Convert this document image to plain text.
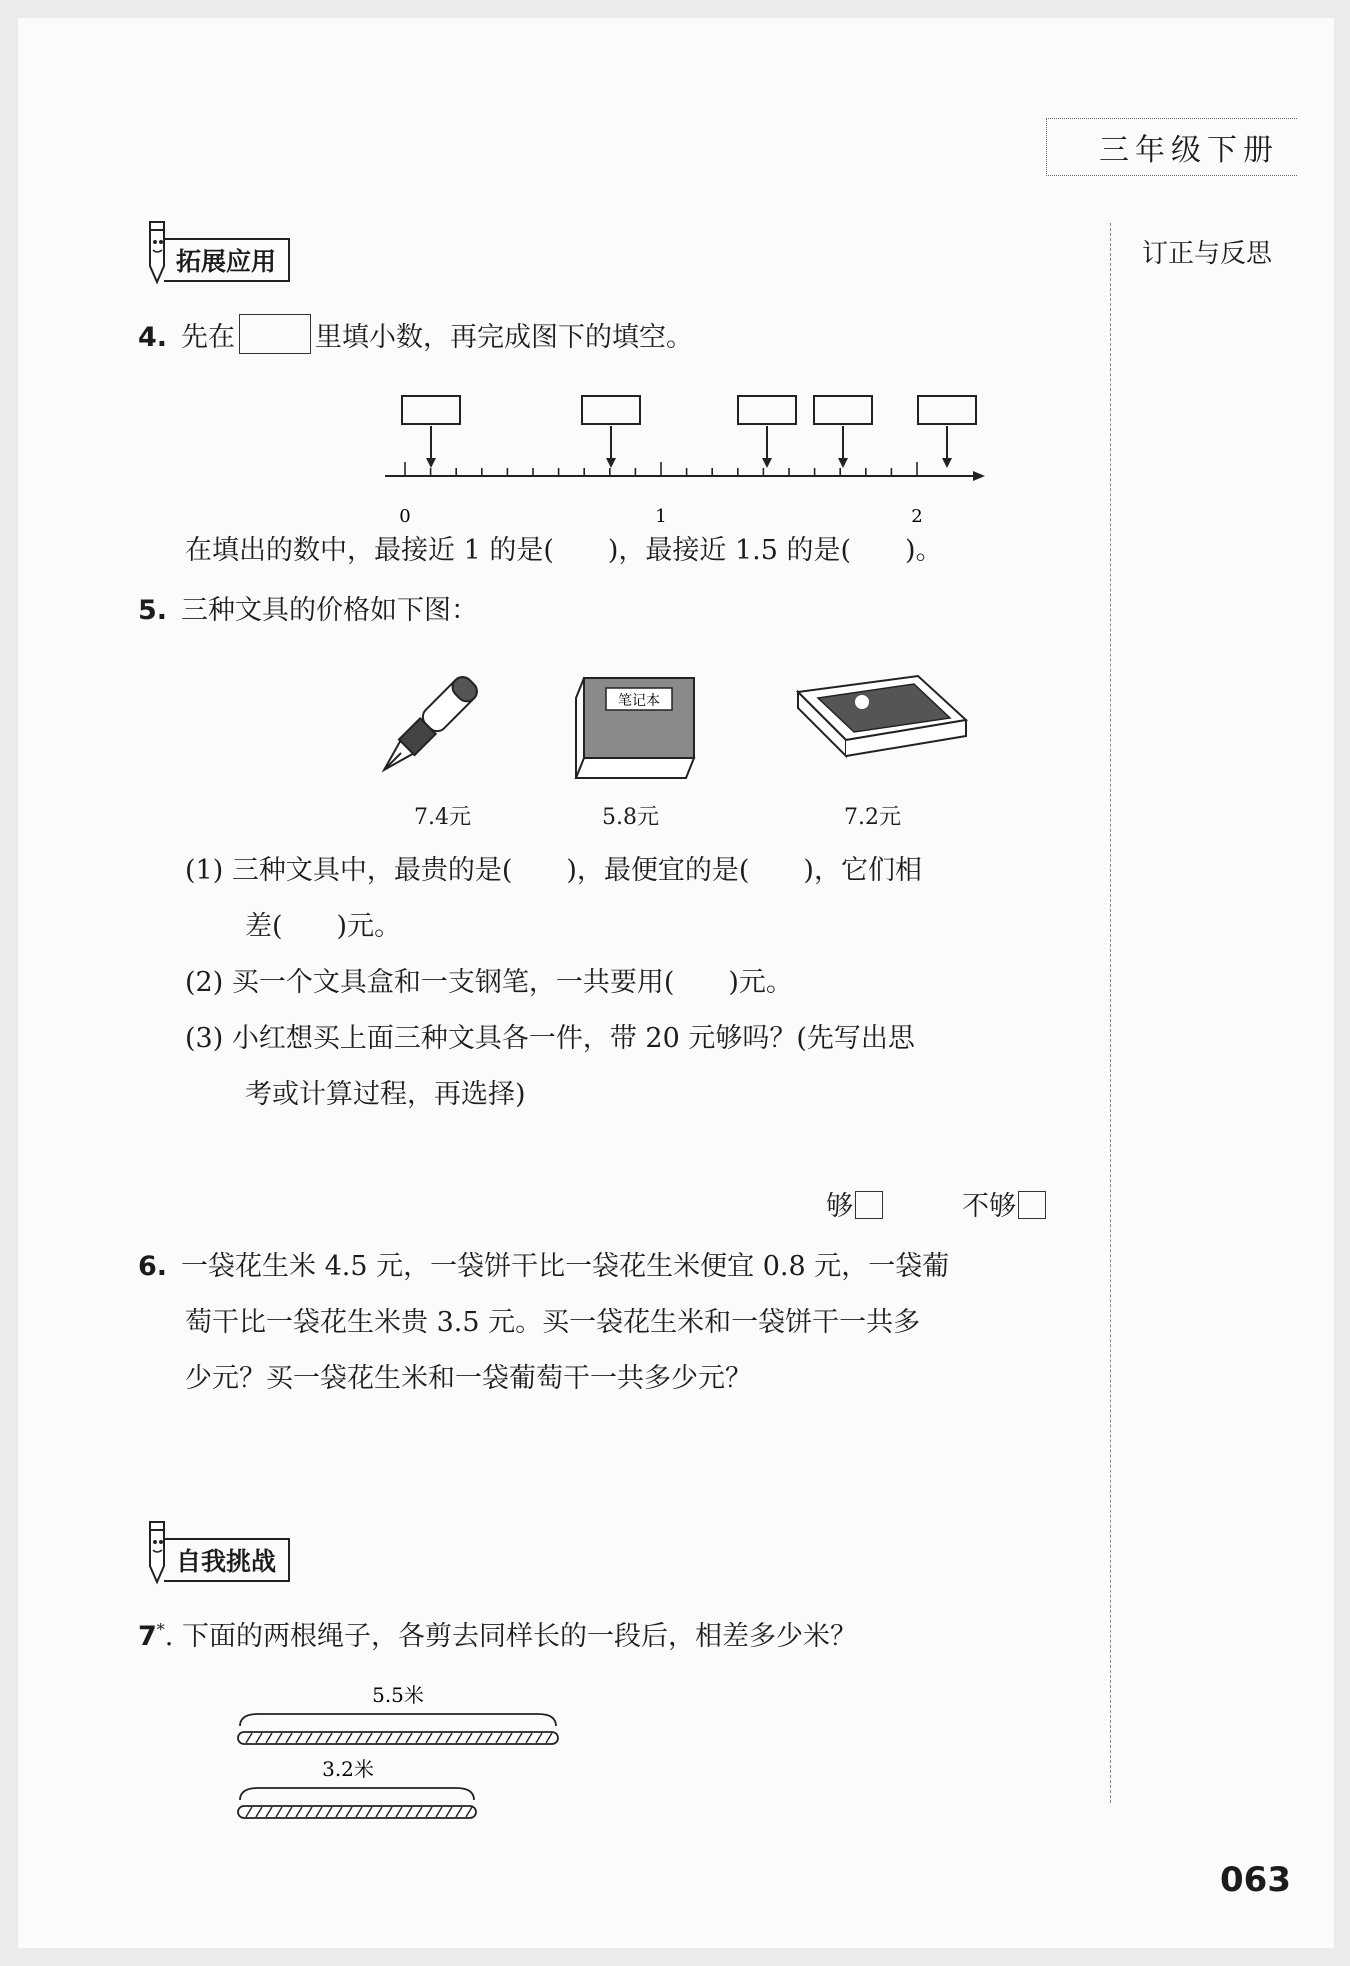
三年级下册
订正与反思
拓展应用
4. 先在	里填小数，再完成图下的填空。
0	1	2
在填出的数中，最接近 1 的是(　　)，最接近 1.5 的是(　　)。
5. 三种文具的价格如下图：
笔记本
7.4元	5.8元	7.2元
(1) 三种文具中，最贵的是(　　)，最便宜的是(　　)，它们相
差(　　)元。
(2) 买一个文具盒和一支钢笔，一共要用(　　)元。
(3) 小红想买上面三种文具各一件，带 20 元够吗？(先写出思
考或计算过程，再选择)
够	不够
6. 一袋花生米 4.5 元，一袋饼干比一袋花生米便宜 0.8 元，一袋葡
萄干比一袋花生米贵 3.5 元。买一袋花生米和一袋饼干一共多
少元？买一袋花生米和一袋葡萄干一共多少元？
自我挑战
7*. 下面的两根绳子，各剪去同样长的一段后，相差多少米？
5.5米
3.2米
063
